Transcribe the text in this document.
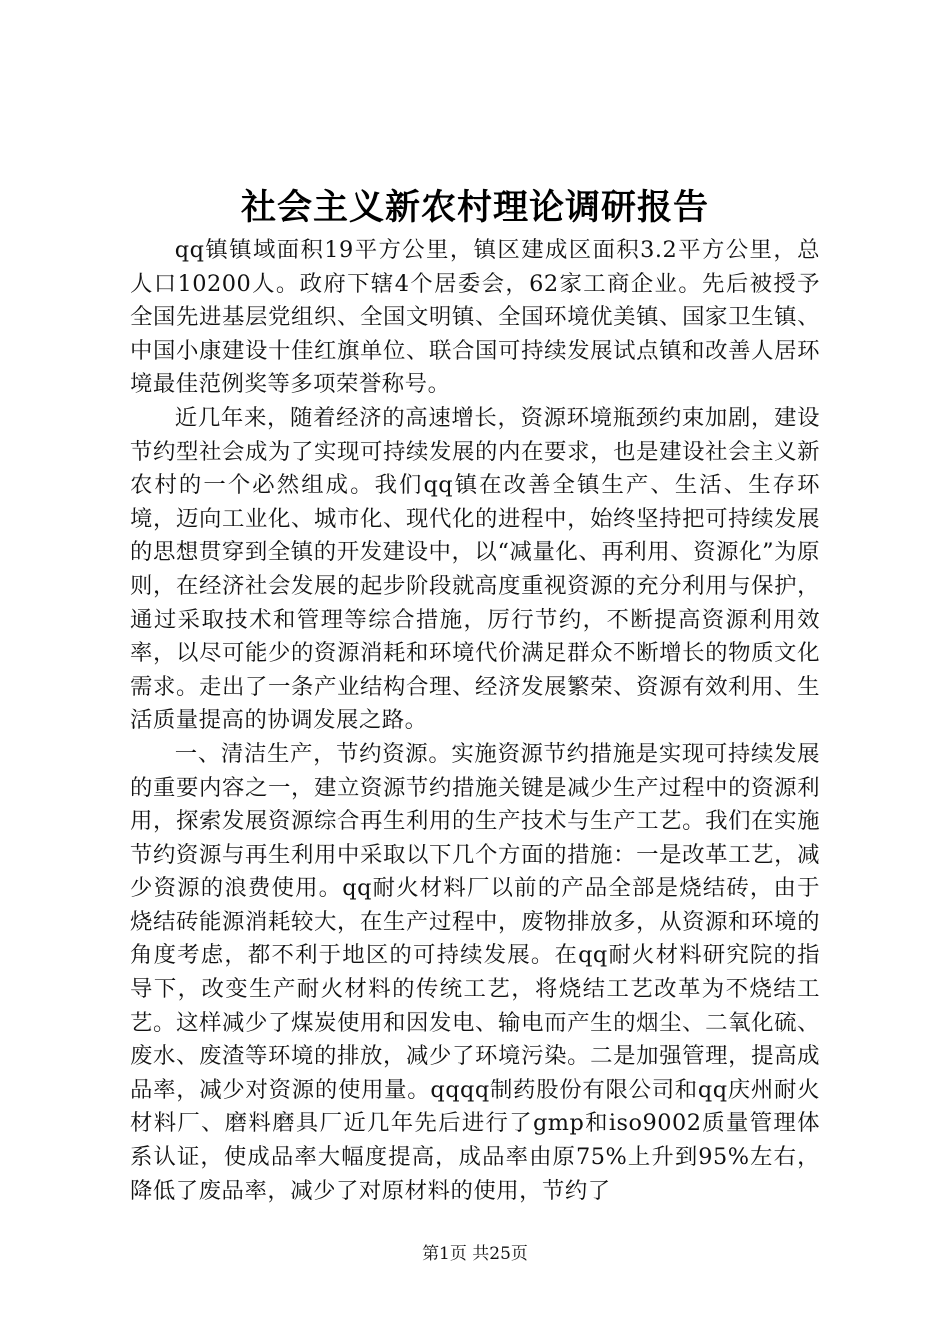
社会主义新农村理论调研报告

qq镇镇域面积19平方公里，镇区建成区面积3.2平方公里，总人口10200人。政府下辖4个居委会，62家工商企业。先后被授予全国先进基层党组织、全国文明镇、全国环境优美镇、国家卫生镇、中国小康建设十佳红旗单位、联合国可持续发展试点镇和改善人居环境最佳范例奖等多项荣誉称号。

近几年来，随着经济的高速增长，资源环境瓶颈约束加剧，建设节约型社会成为了实现可持续发展的内在要求，也是建设社会主义新农村的一个必然组成。我们qq镇在改善全镇生产、生活、生存环境，迈向工业化、城市化、现代化的进程中，始终坚持把可持续发展的思想贯穿到全镇的开发建设中，以“减量化、再利用、资源化”为原则，在经济社会发展的起步阶段就高度重视资源的充分利用与保护，通过采取技术和管理等综合措施，厉行节约，不断提高资源利用效率，以尽可能少的资源消耗和环境代价满足群众不断增长的物质文化需求。走出了一条产业结构合理、经济发展繁荣、资源有效利用、生活质量提高的协调发展之路。

一、清洁生产，节约资源。实施资源节约措施是实现可持续发展的重要内容之一，建立资源节约措施关键是减少生产过程中的资源利用，探索发展资源综合再生利用的生产技术与生产工艺。我们在实施节约资源与再生利用中采取以下几个方面的措施：一是改革工艺，减少资源的浪费使用。qq耐火材料厂以前的产品全部是烧结砖，由于烧结砖能源消耗较大，在生产过程中，废物排放多，从资源和环境的角度考虑，都不利于地区的可持续发展。在qq耐火材料研究院的指导下，改变生产耐火材料的传统工艺，将烧结工艺改革为不烧结工艺。这样减少了煤炭使用和因发电、输电而产生的烟尘、二氧化硫、废水、废渣等环境的排放，减少了环境污染。二是加强管理，提高成品率，减少对资源的使用量。qqqq制药股份有限公司和qq庆州耐火材料厂、磨料磨具厂近几年先后进行了gmp和iso9002质量管理体系认证，使成品率大幅度提高，成品率由原75%上升到95%左右，降低了废品率，减少了对原材料的使用，节约了

第1页 共25页
